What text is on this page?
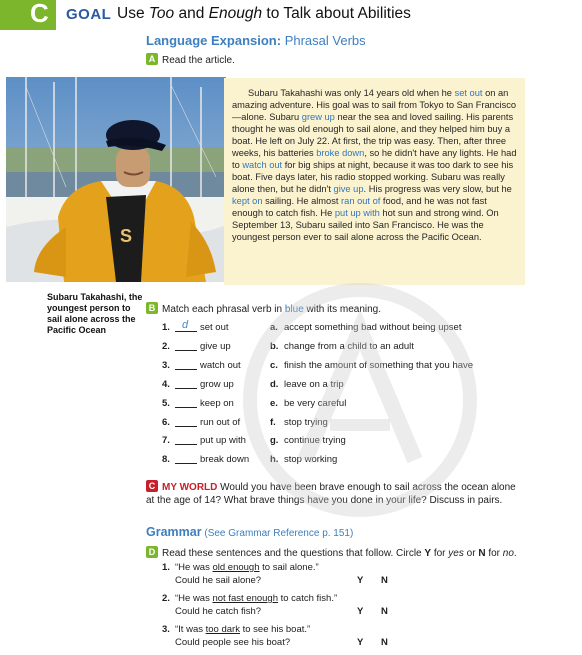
C GOAL Use Too and Enough to Talk about Abilities
Language Expansion: Phrasal Verbs
A Read the article.
S

Subaru Takahashi was only 14 years old when he set out on an amazing adventure. His goal was to sail from Tokyo to San Francisco—alone. Subaru grew up near the sea and loved sailing. His parents thought he was old enough to sail alone, and they helped him buy a boat. He left on July 22. At first, the trip was easy. Then, after three weeks, his batteries broke down, so he didn't have any lights. He had to watch out for big ships at night, because it was too dark to see his boat. Five days later, his radio stopped working. Subaru was really alone then, but he didn't give up. His progress was very slow, but he kept on sailing. He almost ran out of food, and he was not fast enough to catch fish. He put up with hot sun and strong wind. On September 13, Subaru sailed into San Francisco. He was the youngest person ever to sail alone across the Pacific Ocean.

Subaru Takahashi, the youngest person to sail alone across the Pacific Ocean
B Match each phrasal verb in blue with its meaning.
1. d set out	a. accept something bad without being upset
2.	give up	b. change from a child to an adult
3.	watch out	c. finish the amount of something that you have
4.	grow up	d. leave on a trip
5.	keep on	e. be very careful
6.	run out of	f. stop trying
7.	put up with	g. continue trying
8.	break down h. stop working
C MY WORLD Would you have been brave enough to sail across the ocean alone at the age of 14? What brave things have you done in your life? Discuss in pairs.
Grammar (See Grammar Reference p. 151)
D Read these sentences and the questions that follow. Circle Y for yes or N for no.
1. “He was old enough to sail alone.”
Could he sail alone?	Y N
2. “He was not fast enough to catch fish.”
Could he catch fish?	Y N
3. “It was too dark to see his boat.”
Could people see his boat?	Y N
